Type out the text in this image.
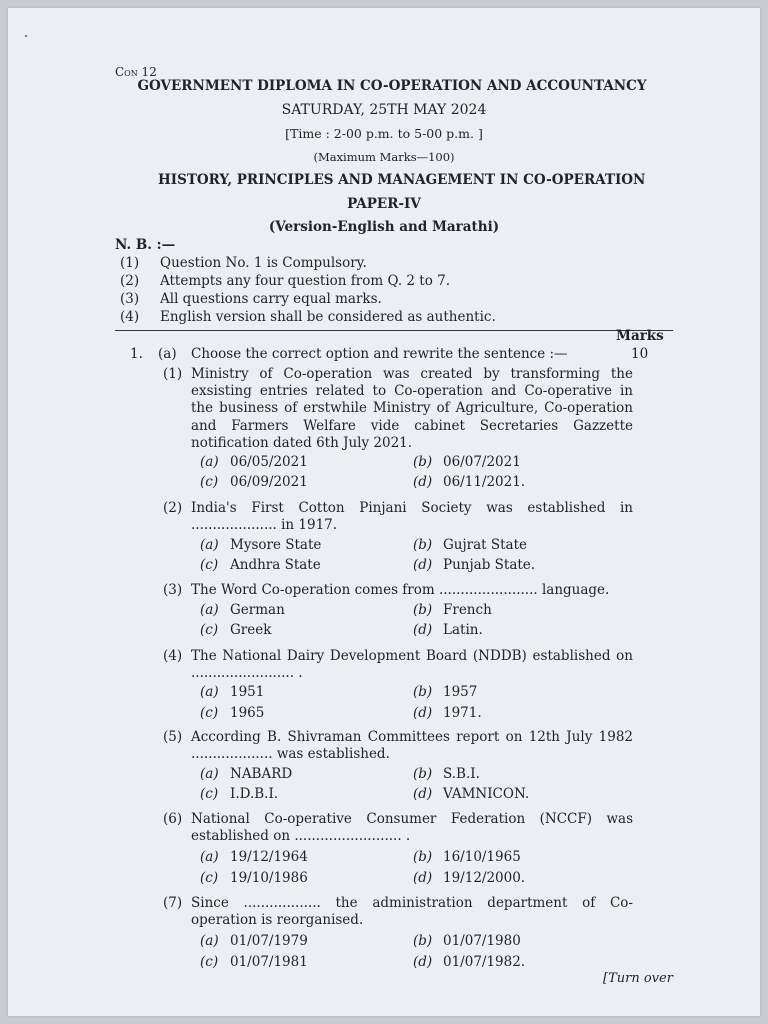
Con 12
GOVERNMENT DIPLOMA IN CO-OPERATION AND ACCOUNTANCY
SATURDAY, 25TH MAY 2024
[Time : 2-00 p.m. to 5-00 p.m. ]
(Maximum Marks—100)
HISTORY, PRINCIPLES AND MANAGEMENT IN CO-OPERATION
PAPER-IV
(Version-English and Marathi)
N. B. :—
(1) Question No. 1 is Compulsory.
(2) Attempts any four question from Q. 2 to 7.
(3) All questions carry equal marks.
(4) English version shall be considered as authentic.
Marks
1. (a) Choose the correct option and rewrite the sentence :—	10
(1) Ministry of Co-operation was created by transforming the exsisting entries related to Co-operation and Co-operative in the business of erstwhile Ministry of Agriculture, Co-operation and Farmers Welfare vide cabinet Secretaries Gazzette notification dated 6th July 2021.
(a) 06/05/2021	(b) 06/07/2021
(c) 06/09/2021	(d) 06/11/2021.
(2) India's First Cotton Pinjani Society was established in .................... in 1917.
(a) Mysore State	(b) Gujrat State
(c) Andhra State	(d) Punjab State.
(3) The Word Co-operation comes from ....................... language.
(a) German	(b) French
(c) Greek	(d) Latin.
(4) The National Dairy Development Board (NDDB) established on ........................ .
(a) 1951	(b) 1957
(c) 1965	(d) 1971.
(5) According B. Shivraman Committees report on 12th July 1982 ................... was established.
(a) NABARD	(b) S.B.I.
(c) I.D.B.I.	(d) VAMNICON.
(6) National Co-operative Consumer Federation (NCCF) was established on ......................... .
(a) 19/12/1964	(b) 16/10/1965
(c) 19/10/1986	(d) 19/12/2000.
(7) Since .................. the administration department of Co-operation is reorganised.
(a) 01/07/1979	(b) 01/07/1980
(c) 01/07/1981	(d) 01/07/1982.
[Turn over
